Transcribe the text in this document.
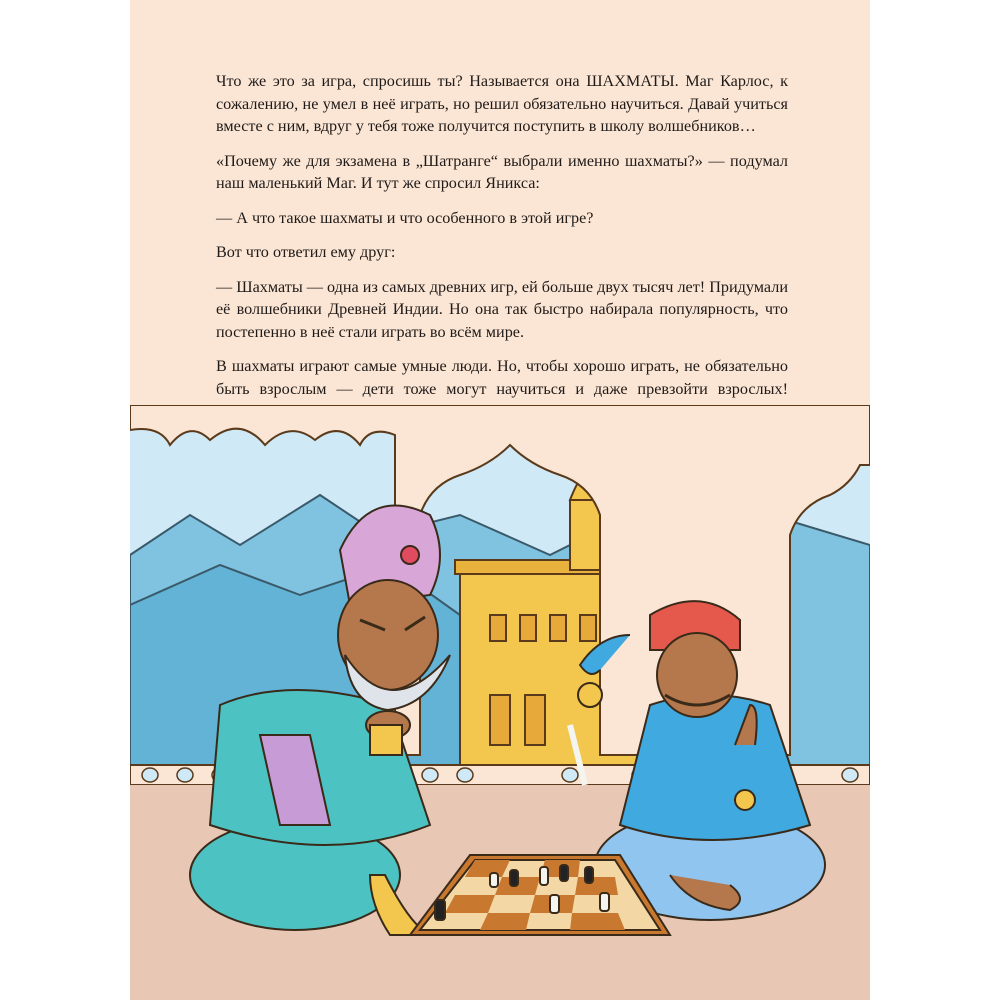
Что же это за игра, спросишь ты? Называется она ШАХМАТЫ. Маг Карлос, к сожалению, не умел в неё играть, но решил обязательно научиться. Давай учиться вместе с ним, вдруг у тебя тоже получится поступить в школу волшебников…

«Почему же для экзамена в „Шатранге“ выбрали именно шахматы?» — подумал наш маленький Маг. И тут же спросил Яникса:

— А что такое шахматы и что особенного в этой игре?

Вот что ответил ему друг:

— Шахматы — одна из самых древних игр, ей больше двух тысяч лет! Придумали её волшебники Древней Индии. Но она так быстро набирала популярность, что постепенно в неё стали играть во всём мире.

В шахматы играют самые умные люди. Но, чтобы хорошо играть, не обязательно быть взрослым — дети тоже могут научиться и даже превзойти взрослых!
